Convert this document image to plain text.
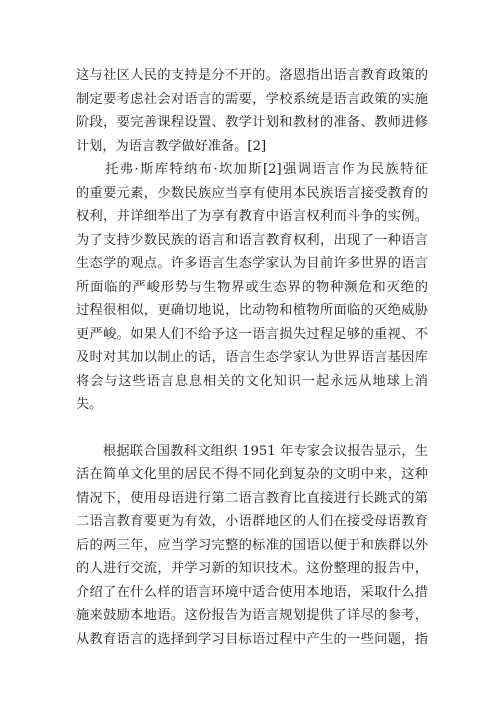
这与社区人民的支持是分不开的。洛恩指出语言教育政策的
制定要考虑社会对语言的需要，学校系统是语言政策的实施
阶段，要完善课程设置、教学计划和教材的准备、教师进修
计划，为语言教学做好准备。[2]
　　托弗·斯库特纳布·坎加斯[2]强调语言作为民族特征
的重要元素，少数民族应当享有使用本民族语言接受教育的
权利，并详细举出了为享有教育中语言权利而斗争的实例。
为了支持少数民族的语言和语言教育权利，出现了一种语言
生态学的观点。许多语言生态学家认为目前许多世界的语言
所面临的严峻形势与生物界或生态界的物种濒危和灭绝的
过程很相似，更确切地说，比动物和植物所面临的灭绝威胁
更严峻。如果人们不给予这一语言损失过程足够的重视、不
及时对其加以制止的话，语言生态学家认为世界语言基因库
将会与这些语言息息相关的文化知识一起永远从地球上消
失。
　　根据联合国教科文组织 1951 年专家会议报告显示，生
活在简单文化里的居民不得不同化到复杂的文明中来，这种
情况下，使用母语进行第二语言教育比直接进行长跳式的第
二语言教育要更为有效，小语群地区的人们在接受母语教育
后的两三年，应当学习完整的标准的国语以便于和族群以外
的人进行交流，并学习新的知识技术。这份整理的报告中，
介绍了在什么样的语言环境中适合使用本地语，采取什么措
施来鼓励本地语。这份报告为语言规划提供了详尽的参考，
从教育语言的选择到学习目标语过程中产生的一些问题，指
